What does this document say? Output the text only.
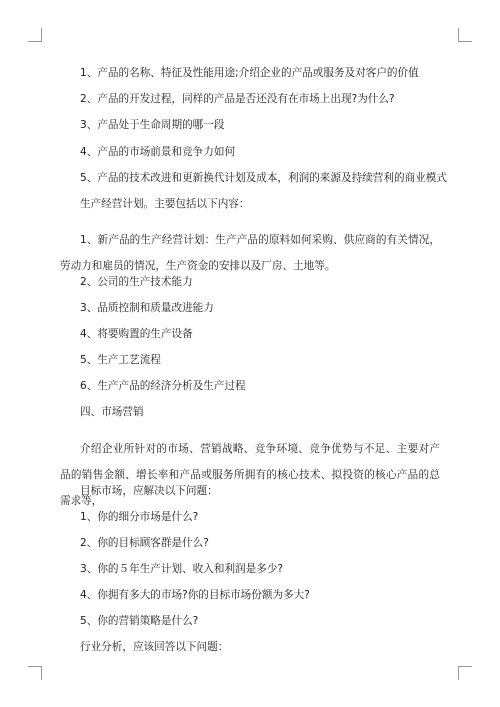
1、产品的名称、特征及性能用途;介绍企业的产品或服务及对客户的价值

2、产品的开发过程，同样的产品是否还没有在市场上出现?为什么?

3、产品处于生命周期的哪一段

4、产品的市场前景和竞争力如何

5、产品的技术改进和更新换代计划及成本，利润的来源及持续营利的商业模式

生产经营计划。主要包括以下内容：

1、新产品的生产经营计划：生产产品的原料如何采购、供应商的有关情况，劳动力和雇员的情况，生产资金的安排以及厂房、土地等。

2、公司的生产技术能力

3、品质控制和质量改进能力

4、将要购置的生产设备

5、生产工艺流程

6、生产产品的经济分析及生产过程

四、市场营销

介绍企业所针对的市场、营销战略、竞争环境、竞争优势与不足、主要对产品的销售金额、增长率和产品或服务所拥有的核心技术、拟投资的核心产品的总需求等，

目标市场，应解决以下问题：

1、你的细分市场是什么?

2、你的目标顾客群是什么?

3、你的５年生产计划、收入和利润是多少?

4、你拥有多大的市场?你的目标市场份额为多大?

5、你的营销策略是什么?

行业分析，应该回答以下问题：
